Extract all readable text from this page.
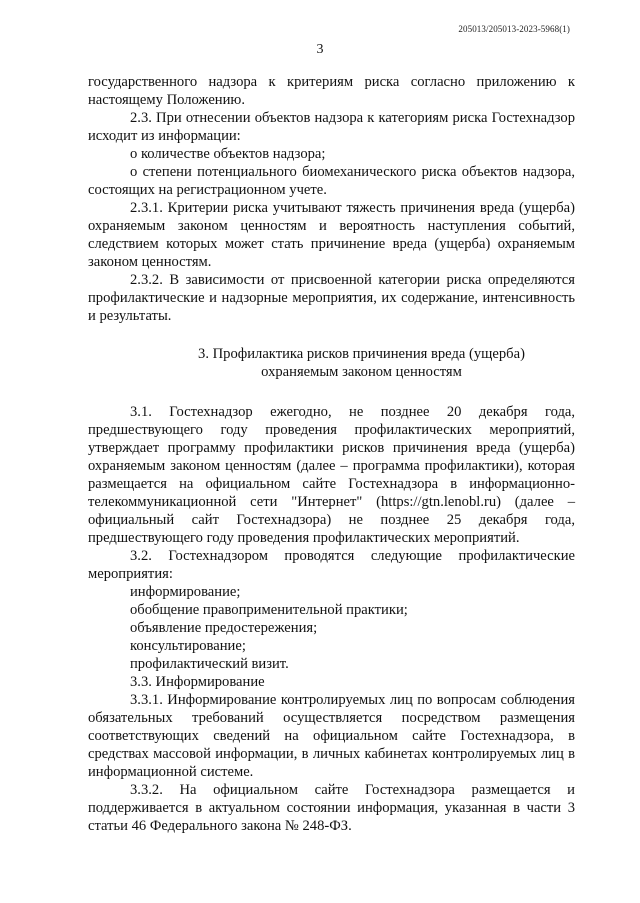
205013/205013-2023-5968(1)
3

государственного надзора к критериям риска согласно приложению к настоящему Положению.

2.3. При отнесении объектов надзора к категориям риска Гостехнадзор исходит из информации:

о количестве объектов надзора;

о степени потенциального биомеханического риска объектов надзора, состоящих на регистрационном учете.

2.3.1. Критерии риска учитывают тяжесть причинения вреда (ущерба) охраняемым законом ценностям и вероятность наступления событий, следствием которых может стать причинение вреда (ущерба) охраняемым законом ценностям.

2.3.2. В зависимости от присвоенной категории риска определяются профилактические и надзорные мероприятия, их содержание, интенсивность и результаты.

3. Профилактика рисков причинения вреда (ущерба)
охраняемым законом ценностям

3.1. Гостехнадзор ежегодно, не позднее 20 декабря года, предшествующего году проведения профилактических мероприятий, утверждает программу профилактики рисков причинения вреда (ущерба) охраняемым законом ценностям (далее – программа профилактики), которая размещается на официальном сайте Гостехнадзора в информационно-телекоммуникационной сети "Интернет" (https://gtn.lenobl.ru) (далее – официальный сайт Гостехнадзора) не позднее 25 декабря года, предшествующего году проведения профилактических мероприятий.

3.2. Гостехнадзором проводятся следующие профилактические мероприятия:

информирование;

обобщение правоприменительной практики;

объявление предостережения;

консультирование;

профилактический визит.

3.3. Информирование

3.3.1. Информирование контролируемых лиц по вопросам соблюдения обязательных требований осуществляется посредством размещения соответствующих сведений на официальном сайте Гостехнадзора, в средствах массовой информации, в личных кабинетах контролируемых лиц в информационной системе.

3.3.2. На официальном сайте Гостехнадзора размещается и поддерживается в актуальном состоянии информация, указанная в части 3 статьи 46 Федерального закона № 248-ФЗ.
